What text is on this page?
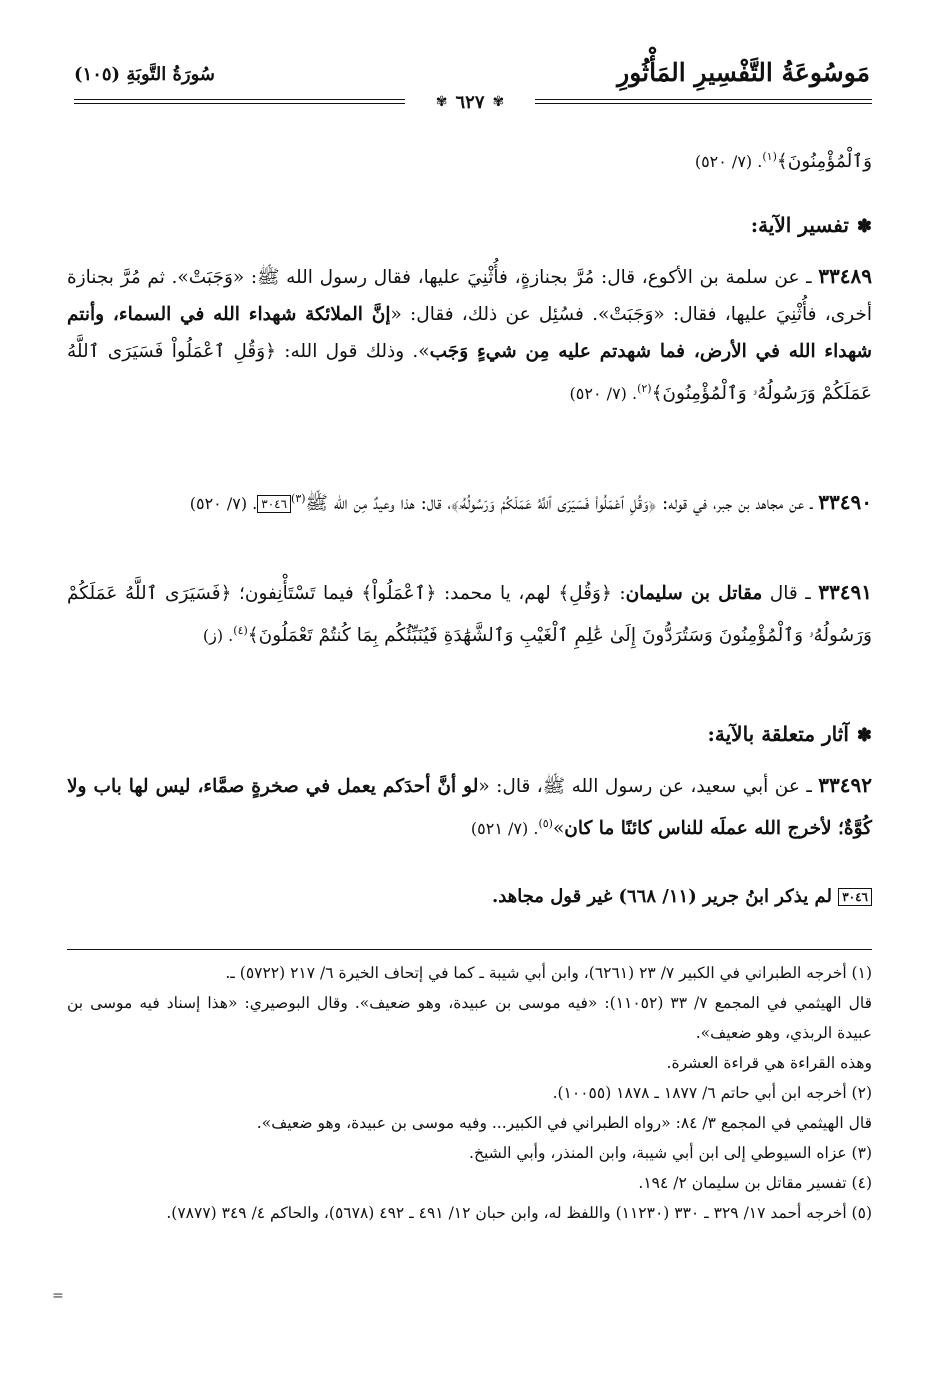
مَوسُوعَةُ التَّفْسِيرِ المَأْثُورِ
سُورَةُ التَّوبَةِ (١٠٥)
✾
٦٢٧
✾
وَٱلْمُؤْمِنُونَ﴾$^{(١)}$. (٧/ ٥٢٠)
✽تفسير الآية:
٣٣٤٨٩ ـ عن سلمة بن الأكوع، قال: مُرَّ بجنازةٍ، فأُثْنِيَ عليها، فقال رسول الله ﷺ: «وَجَبَتْ». ثم مُرَّ بجنازة أخرى، فأُثْنِيَ عليها، فقال: «وَجَبَتْ». فسُئِل عن ذلك، فقال: «إنَّ الملائكة شهداء الله في السماء، وأنتم شهداء الله في الأرض، فما شهدتم عليه مِن شيءٍ وَجَب». وذلك قول الله: ﴿وَقُلِ ٱعْمَلُواْ فَسَيَرَى ٱللَّهُ عَمَلَكُمْ وَرَسُولُهُۥ وَٱلْمُؤْمِنُونَ﴾$^{(٢)}$. (٧/ ٥٢٠)
٣٣٤٩٠ ـ عن مجاهد بن جبر، في قوله: ﴿وَقُلِ ٱعْمَلُواْ فَسَيَرَى ٱللَّهُ عَمَلَكُمْ وَرَسُولُهُۥ﴾، قال: هذا وعيدٌ مِن الله ﷺ$^{(٣)}$٣٠٤٦. (٧/ ٥٢٠)
٣٣٤٩١ ـ قال مقاتل بن سليمان: ﴿وَقُلِ﴾ لهم، يا محمد: ﴿ٱعْمَلُواْ﴾ فيما تَسْتَأْنِفون؛ ﴿فَسَيَرَى ٱللَّهُ عَمَلَكُمْ وَرَسُولُهُۥ وَٱلْمُؤْمِنُونَ وَسَتُرَدُّونَ إِلَىٰ عَٰلِمِ ٱلْغَيْبِ وَٱلشَّهَٰدَةِ فَيُنَبِّئُكُم بِمَا كُنتُمْ تَعْمَلُونَ﴾$^{(٤)}$. (ز)
✽آثار متعلقة بالآية:
٣٣٤٩٢ ـ عن أبي سعيد، عن رسول الله ﷺ، قال: «لو أنَّ أحدَكم يعمل في صخرةٍ صمَّاء، ليس لها باب ولا كُوَّةٌ؛ لأخرج الله عملَه للناس كائنًا ما كان»$^{(٥)}$. (٧/ ٥٢١)
٣٠٤٦ لم يذكر ابنُ جرير (١١/ ٦٦٨) غير قول مجاهد.

(١) أخرجه الطبراني في الكبير ٧/ ٢٣ (٦٢٦١)، وابن أبي شيبة ـ كما في إتحاف الخيرة ٦/ ٢١٧ (٥٧٢٢) ـ.

قال الهيثمي في المجمع ٧/ ٣٣ (١١٠٥٢): «فيه موسى بن عبيدة، وهو ضعيف». وقال البوصيري: «هذا إسناد فيه موسى بن عبيدة الربذي، وهو ضعيف».

وهذه القراءة هي قراءة العشرة.

(٢) أخرجه ابن أبي حاتم ٦/ ١٨٧٧ ـ ١٨٧٨ (١٠٠٥٥).

قال الهيثمي في المجمع ٣/ ٨٤: «رواه الطبراني في الكبير... وفيه موسى بن عبيدة، وهو ضعيف».

(٣) عزاه السيوطي إلى ابن أبي شيبة، وابن المنذر، وأبي الشيخ.

(٤) تفسير مقاتل بن سليمان ٢/ ١٩٤.

(٥) أخرجه أحمد ١٧/ ٣٢٩ ـ ٣٣٠ (١١٢٣٠) واللفظ له، وابن حبان ١٢/ ٤٩١ ـ ٤٩٢ (٥٦٧٨)، والحاكم ٤/ ٣٤٩ (٧٨٧٧).

=
